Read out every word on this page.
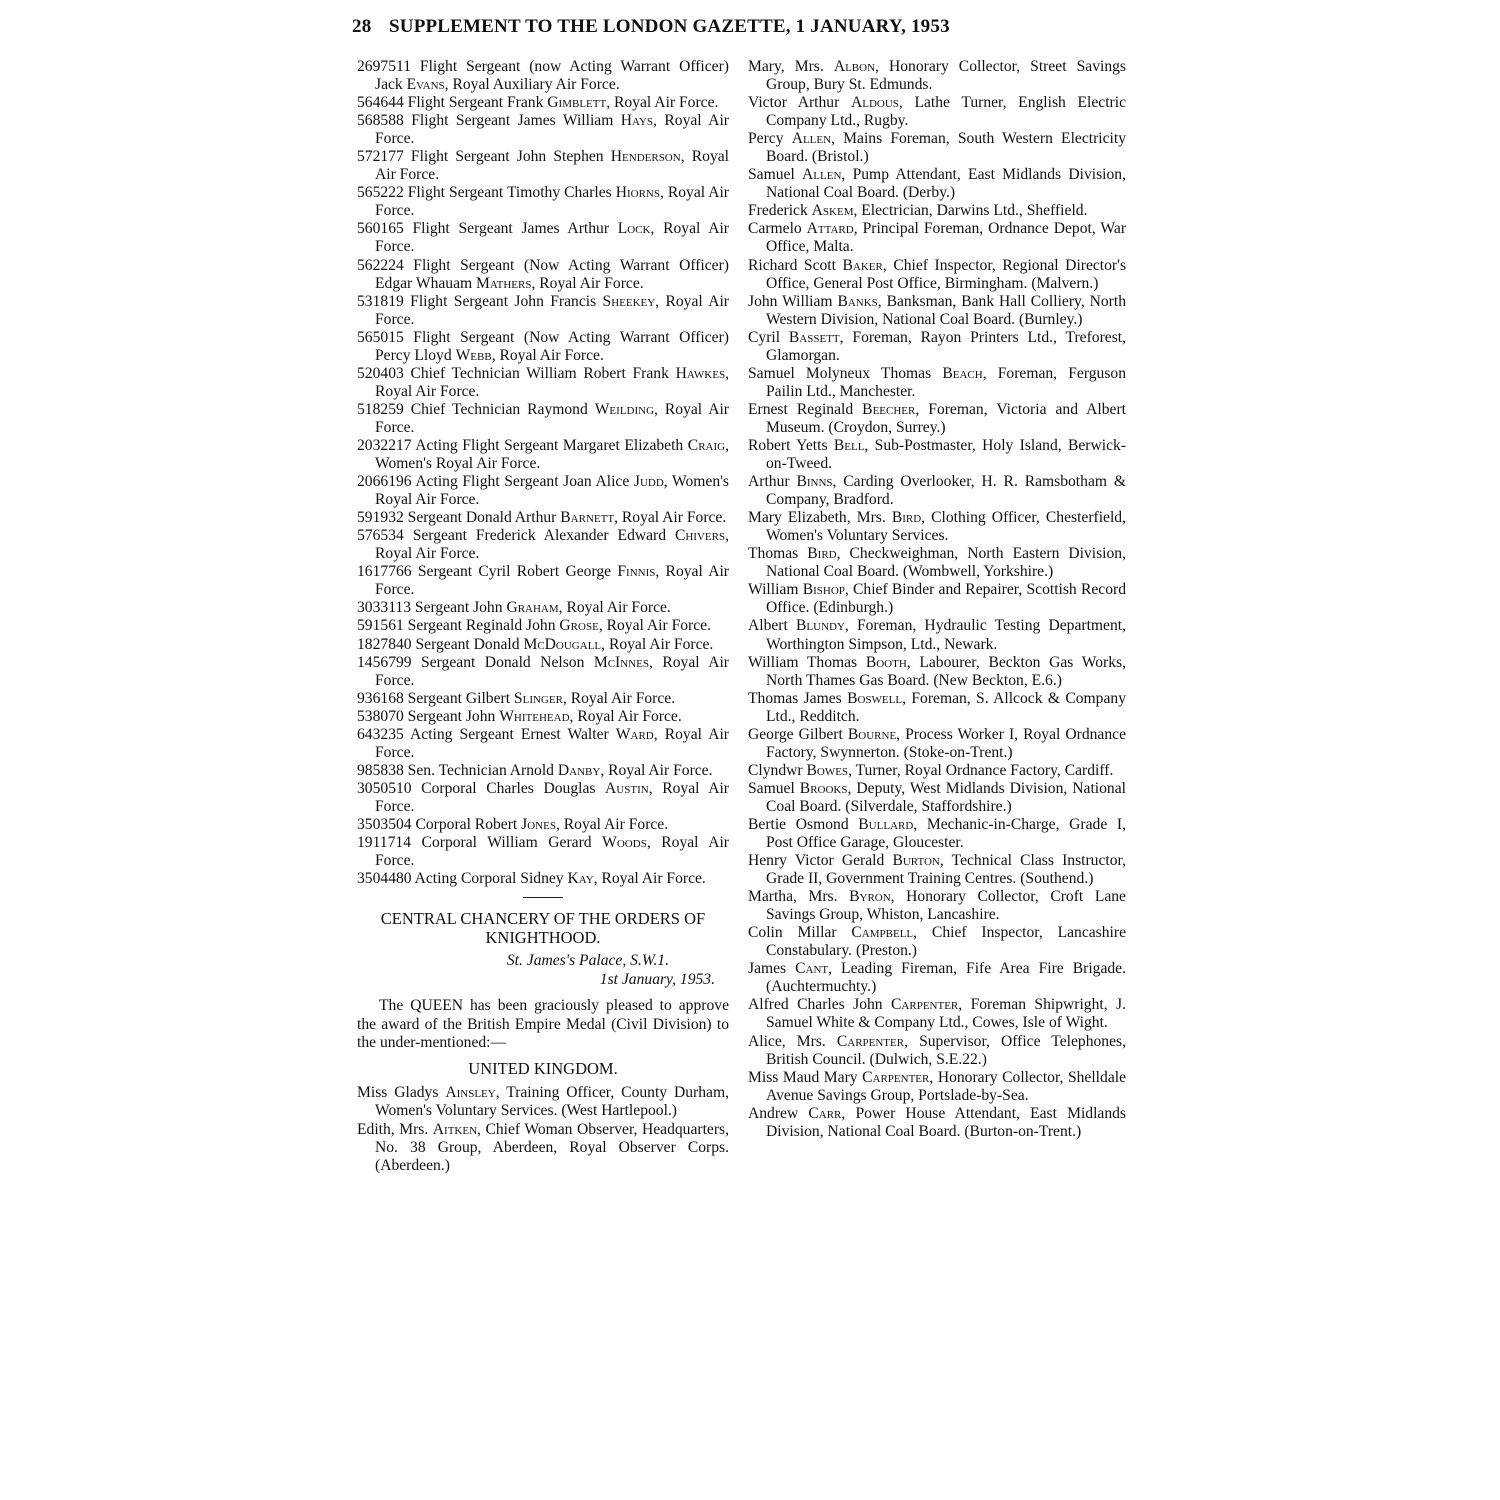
28 SUPPLEMENT TO THE LONDON GAZETTE, 1 JANUARY, 1953
2697511 Flight Sergeant (now Acting Warrant Officer) Jack Evans, Royal Auxiliary Air Force.
564644 Flight Sergeant Frank Gimblett, Royal Air Force.
568588 Flight Sergeant James William Hays, Royal Air Force.
572177 Flight Sergeant John Stephen Henderson, Royal Air Force.
565222 Flight Sergeant Timothy Charles Hiorns, Royal Air Force.
560165 Flight Sergeant James Arthur Lock, Royal Air Force.
562224 Flight Sergeant (Now Acting Warrant Officer) Edgar Whauam Mathers, Royal Air Force.
531819 Flight Sergeant John Francis Sheekey, Royal Air Force.
565015 Flight Sergeant (Now Acting Warrant Officer) Percy Lloyd Webb, Royal Air Force.
520403 Chief Technician William Robert Frank Hawkes, Royal Air Force.
518259 Chief Technician Raymond Weilding, Royal Air Force.
2032217 Acting Flight Sergeant Margaret Elizabeth Craig, Women's Royal Air Force.
2066196 Acting Flight Sergeant Joan Alice Judd, Women's Royal Air Force.
591932 Sergeant Donald Arthur Barnett, Royal Air Force.
576534 Sergeant Frederick Alexander Edward Chivers, Royal Air Force.
1617766 Sergeant Cyril Robert George Finnis, Royal Air Force.
3033113 Sergeant John Graham, Royal Air Force.
591561 Sergeant Reginald John Grose, Royal Air Force.
1827840 Sergeant Donald McDougall, Royal Air Force.
1456799 Sergeant Donald Nelson McInnes, Royal Air Force.
936168 Sergeant Gilbert Slinger, Royal Air Force.
538070 Sergeant John Whitehead, Royal Air Force.
643235 Acting Sergeant Ernest Walter Ward, Royal Air Force.
985838 Sen. Technician Arnold Danby, Royal Air Force.
3050510 Corporal Charles Douglas Austin, Royal Air Force.
3503504 Corporal Robert Jones, Royal Air Force.
1911714 Corporal William Gerard Woods, Royal Air Force.
3504480 Acting Corporal Sidney Kay, Royal Air Force.
CENTRAL CHANCERY OF THE ORDERS OF KNIGHTHOOD.
St. James's Palace, S.W.1.
1st January, 1953.
The QUEEN has been graciously pleased to approve the award of the British Empire Medal (Civil Division) to the under-mentioned:—
UNITED KINGDOM.
Miss Gladys Ainsley, Training Officer, County Durham, Women's Voluntary Services. (West Hartlepool.)
Edith, Mrs. Aitken, Chief Woman Observer, Headquarters, No. 38 Group, Aberdeen, Royal Observer Corps. (Aberdeen.)
Mary, Mrs. Albon, Honorary Collector, Street Savings Group, Bury St. Edmunds.
Victor Arthur Aldous, Lathe Turner, English Electric Company Ltd., Rugby.
Percy Allen, Mains Foreman, South Western Electricity Board. (Bristol.)
Samuel Allen, Pump Attendant, East Midlands Division, National Coal Board. (Derby.)
Frederick Askem, Electrician, Darwins Ltd., Sheffield.
Carmelo Attard, Principal Foreman, Ordnance Depot, War Office, Malta.
Richard Scott Baker, Chief Inspector, Regional Director's Office, General Post Office, Birmingham. (Malvern.)
John William Banks, Banksman, Bank Hall Colliery, North Western Division, National Coal Board. (Burnley.)
Cyril Bassett, Foreman, Rayon Printers Ltd., Treforest, Glamorgan.
Samuel Molyneux Thomas Beach, Foreman, Ferguson Pailin Ltd., Manchester.
Ernest Reginald Beecher, Foreman, Victoria and Albert Museum. (Croydon, Surrey.)
Robert Yetts Bell, Sub-Postmaster, Holy Island, Berwick-on-Tweed.
Arthur Binns, Carding Overlooker, H. R. Ramsbotham & Company, Bradford.
Mary Elizabeth, Mrs. Bird, Clothing Officer, Chesterfield, Women's Voluntary Services.
Thomas Bird, Checkweighman, North Eastern Division, National Coal Board. (Wombwell, Yorkshire.)
William Bishop, Chief Binder and Repairer, Scottish Record Office. (Edinburgh.)
Albert Blundy, Foreman, Hydraulic Testing Department, Worthington Simpson, Ltd., Newark.
William Thomas Booth, Labourer, Beckton Gas Works, North Thames Gas Board. (New Beckton, E.6.)
Thomas James Boswell, Foreman, S. Allcock & Company Ltd., Redditch.
George Gilbert Bourne, Process Worker I, Royal Ordnance Factory, Swynnerton. (Stoke-on-Trent.)
Clyndwr Bowes, Turner, Royal Ordnance Factory, Cardiff.
Samuel Brooks, Deputy, West Midlands Division, National Coal Board. (Silverdale, Staffordshire.)
Bertie Osmond Bullard, Mechanic-in-Charge, Grade I, Post Office Garage, Gloucester.
Henry Victor Gerald Burton, Technical Class Instructor, Grade II, Government Training Centres. (Southend.)
Martha, Mrs. Byron, Honorary Collector, Croft Lane Savings Group, Whiston, Lancashire.
Colin Millar Campbell, Chief Inspector, Lancashire Constabulary. (Preston.)
James Cant, Leading Fireman, Fife Area Fire Brigade. (Auchtermuchty.)
Alfred Charles John Carpenter, Foreman Shipwright, J. Samuel White & Company Ltd., Cowes, Isle of Wight.
Alice, Mrs. Carpenter, Supervisor, Office Telephones, British Council. (Dulwich, S.E.22.)
Miss Maud Mary Carpenter, Honorary Collector, Shelldale Avenue Savings Group, Portslade-by-Sea.
Andrew Carr, Power House Attendant, East Midlands Division, National Coal Board. (Burton-on-Trent.)
